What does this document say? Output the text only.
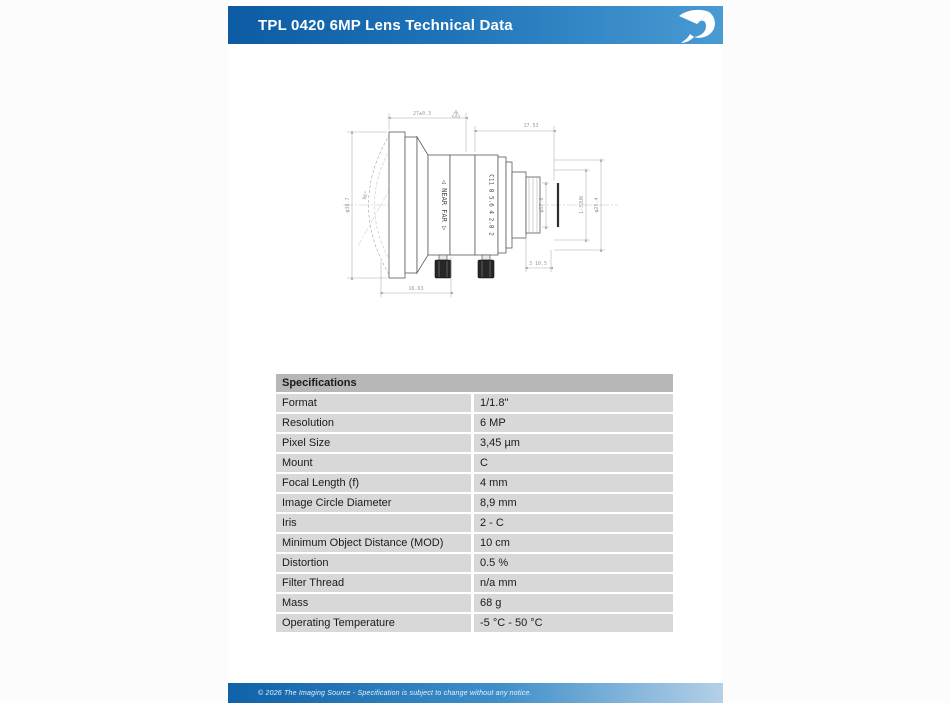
TPL 0420 6MP Lens Technical Data
96°	◁ NEAR FAR ▷	C11 8 5.6 4 2.8 2
27±0.3	3
17.53
φ38.7
16.63
3 10.5
φ17.6	1-32UN φ25.4
Specifications
Format	1/1.8"
Resolution	6 MP
Pixel Size	3,45 µm
Mount	C
Focal Length (f)	4 mm
Image Circle Diameter	8,9 mm
Iris	2 - C
Minimum Object Distance (MOD)	10 cm
Distortion	0.5 %
Filter Thread	n/a mm
Mass	68 g
Operating Temperature	-5 °C - 50 °C
© 2026 The Imaging Source - Specification is subject to change without any notice.
